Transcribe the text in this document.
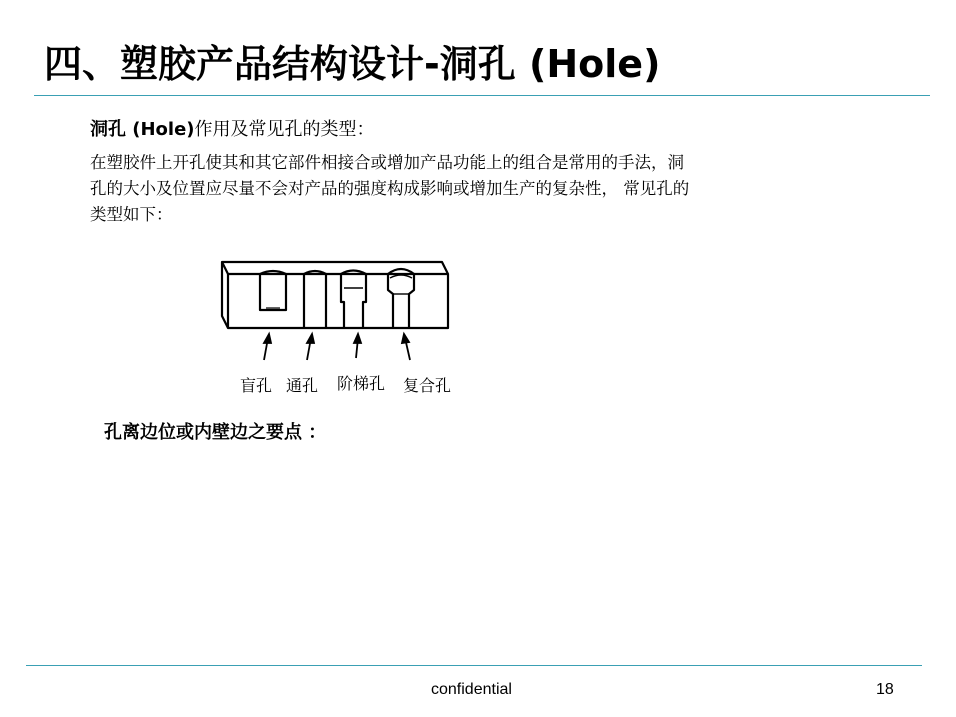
四、塑胶产品结构设计-洞孔 (Hole)
洞孔 (Hole)作用及常见孔的类型：
在塑胶件上开孔使其和其它部件相接合或增加产品功能上的组合是常用的手法，洞
孔的大小及位置应尽量不会对产品的强度构成影响或增加生产的复杂性， 常见孔的
类型如下：
盲孔 通孔 阶梯孔 复合孔
孔离边位或内壁边之要点 ：
confidential	18
